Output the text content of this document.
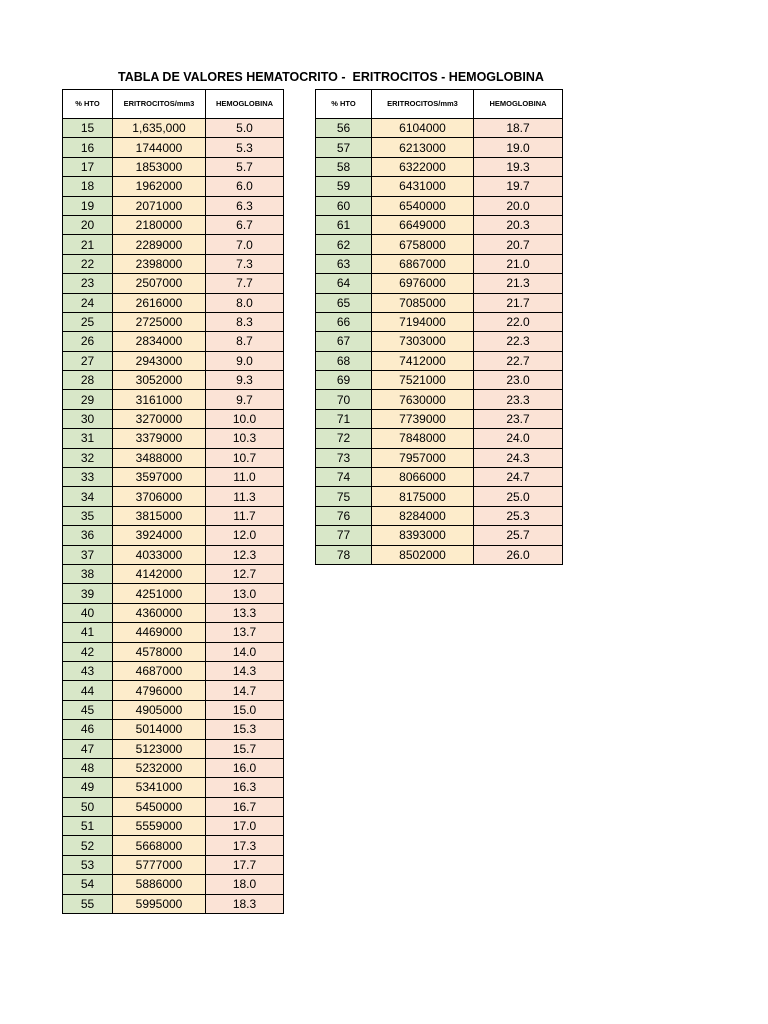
TABLA DE VALORES HEMATOCRITO -  ERITROCITOS - HEMOGLOBINA
% HTO	ERITROCITOS/mm3	HEMOGLOBINA
15	1,635,000	5.0
16	1744000	5.3
17	1853000	5.7
18	1962000	6.0
19	2071000	6.3
20	2180000	6.7
21	2289000	7.0
22	2398000	7.3
23	2507000	7.7
24	2616000	8.0
25	2725000	8.3
26	2834000	8.7
27	2943000	9.0
28	3052000	9.3
29	3161000	9.7
30	3270000	10.0
31	3379000	10.3
32	3488000	10.7
33	3597000	11.0
34	3706000	11.3
35	3815000	11.7
36	3924000	12.0
37	4033000	12.3
38	4142000	12.7
39	4251000	13.0
40	4360000	13.3
41	4469000	13.7
42	4578000	14.0
43	4687000	14.3
44	4796000	14.7
45	4905000	15.0
46	5014000	15.3
47	5123000	15.7
48	5232000	16.0
49	5341000	16.3
50	5450000	16.7
51	5559000	17.0
52	5668000	17.3
53	5777000	17.7
54	5886000	18.0
55	5995000	18.3
% HTO	ERITROCITOS/mm3	HEMOGLOBINA
56	6104000	18.7
57	6213000	19.0
58	6322000	19.3
59	6431000	19.7
60	6540000	20.0
61	6649000	20.3
62	6758000	20.7
63	6867000	21.0
64	6976000	21.3
65	7085000	21.7
66	7194000	22.0
67	7303000	22.3
68	7412000	22.7
69	7521000	23.0
70	7630000	23.3
71	7739000	23.7
72	7848000	24.0
73	7957000	24.3
74	8066000	24.7
75	8175000	25.0
76	8284000	25.3
77	8393000	25.7
78	8502000	26.0
